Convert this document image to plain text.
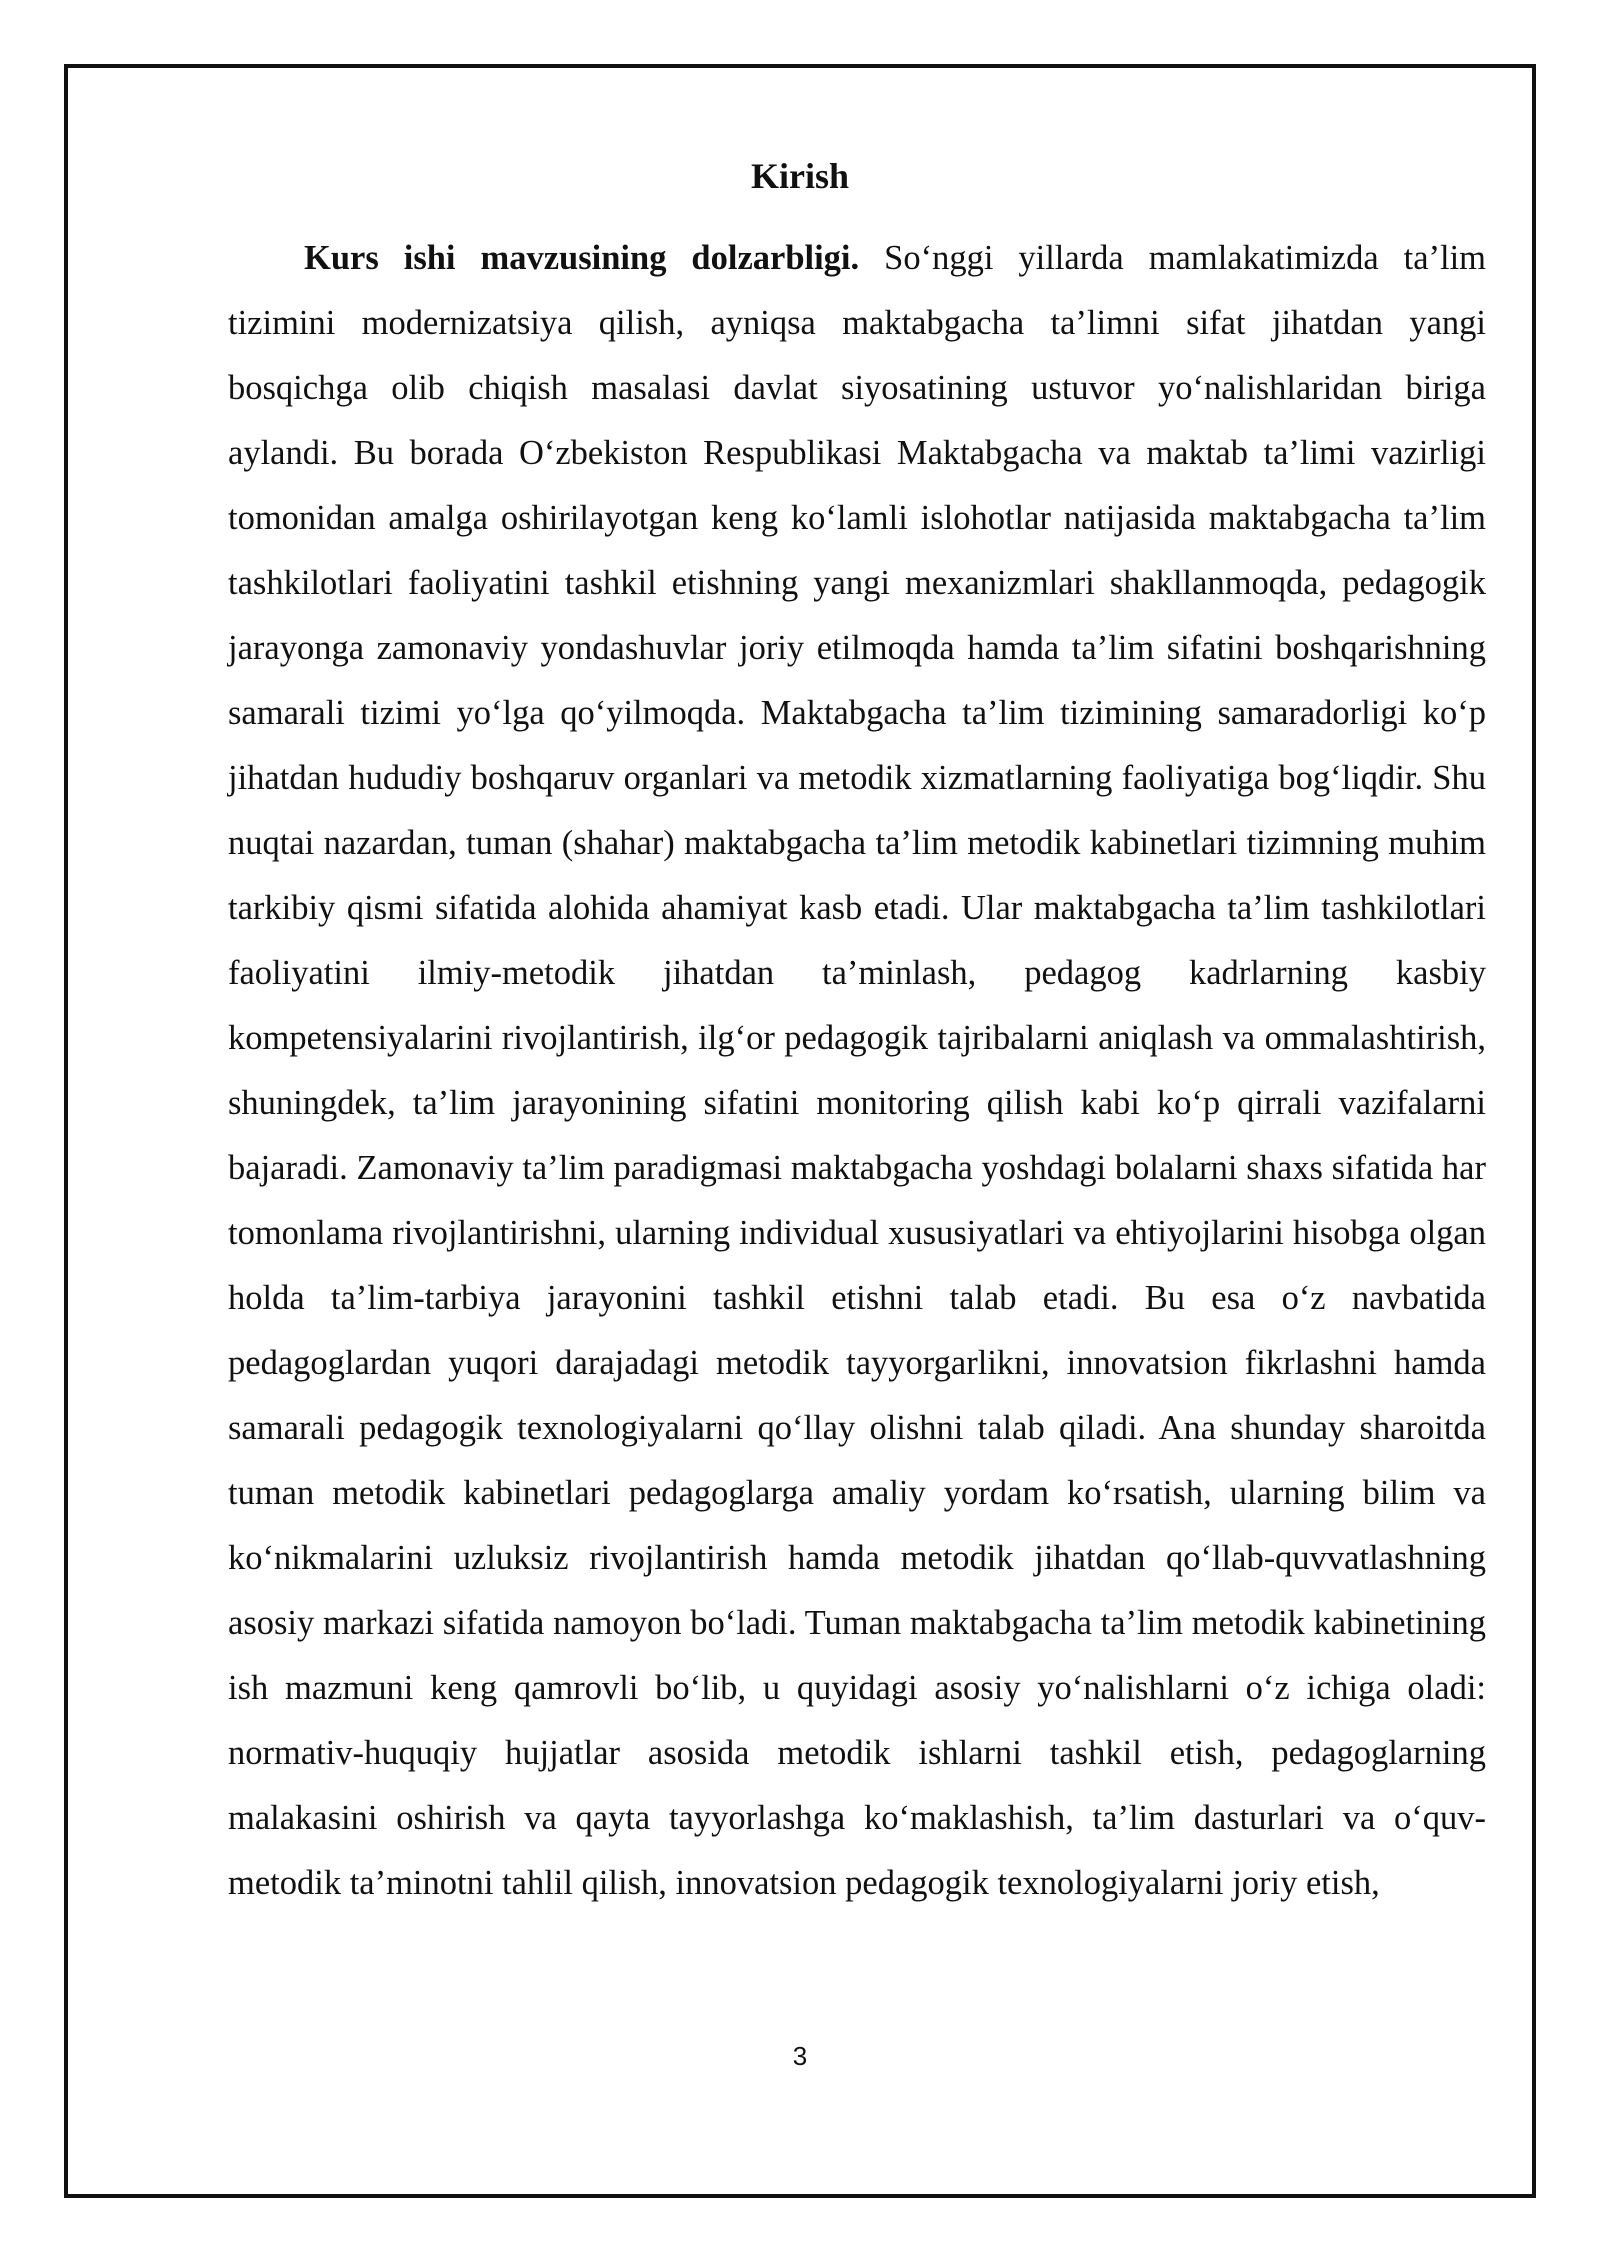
Kirish

Kurs ishi mavzusining dolzarbligi. So‘nggi yillarda mamlakatimizda ta’lim tizimini modernizatsiya qilish, ayniqsa maktabgacha ta’limni sifat jihatdan yangi bosqichga olib chiqish masalasi davlat siyosatining ustuvor yo‘nalishlaridan biriga aylandi. Bu borada O‘zbekiston Respublikasi Maktabgacha va maktab ta’limi vazirligi tomonidan amalga oshirilayotgan keng ko‘lamli islohotlar natijasida maktabgacha ta’lim tashkilotlari faoliyatini tashkil etishning yangi mexanizmlari shakllanmoqda, pedagogik jarayonga zamonaviy yondashuvlar joriy etilmoqda hamda ta’lim sifatini boshqarishning samarali tizimi yo‘lga qo‘yilmoqda. Maktabgacha ta’lim tizimining samaradorligi ko‘p jihatdan hududiy boshqaruv organlari va metodik xizmatlarning faoliyatiga bog‘liqdir. Shu nuqtai nazardan, tuman (shahar) maktabgacha ta’lim metodik kabinetlari tizimning muhim tarkibiy qismi sifatida alohida ahamiyat kasb etadi. Ular maktabgacha ta’lim tashkilotlari faoliyatini ilmiy-metodik jihatdan ta’minlash, pedagog kadrlarning kasbiy kompetensiyalarini rivojlantirish, ilg‘or pedagogik tajribalarni aniqlash va ommalashtirish, shuningdek, ta’lim jarayonining sifatini monitoring qilish kabi ko‘p qirrali vazifalarni bajaradi. Zamonaviy ta’lim paradigmasi maktabgacha yoshdagi bolalarni shaxs sifatida har tomonlama rivojlantirishni, ularning individual xususiyatlari va ehtiyojlarini hisobga olgan holda ta’lim-tarbiya jarayonini tashkil etishni talab etadi. Bu esa o‘z navbatida pedagoglardan yuqori darajadagi metodik tayyorgarlikni, innovatsion fikrlashni hamda samarali pedagogik texnologiyalarni qo‘llay olishni talab qiladi. Ana shunday sharoitda tuman metodik kabinetlari pedagoglarga amaliy yordam ko‘rsatish, ularning bilim va ko‘nikmalarini uzluksiz rivojlantirish hamda metodik jihatdan qo‘llab-quvvatlashning asosiy markazi sifatida namoyon bo‘ladi. Tuman maktabgacha ta’lim metodik kabinetining ish mazmuni keng qamrovli bo‘lib, u quyidagi asosiy yo‘nalishlarni o‘z ichiga oladi: normativ-huquqiy hujjatlar asosida metodik ishlarni tashkil etish, pedagoglarning malakasini oshirish va qayta tayyorlashga ko‘maklashish, ta’lim dasturlari va o‘quv-metodik ta’minotni tahlil qilish, innovatsion pedagogik texnologiyalarni joriy etish,

3
